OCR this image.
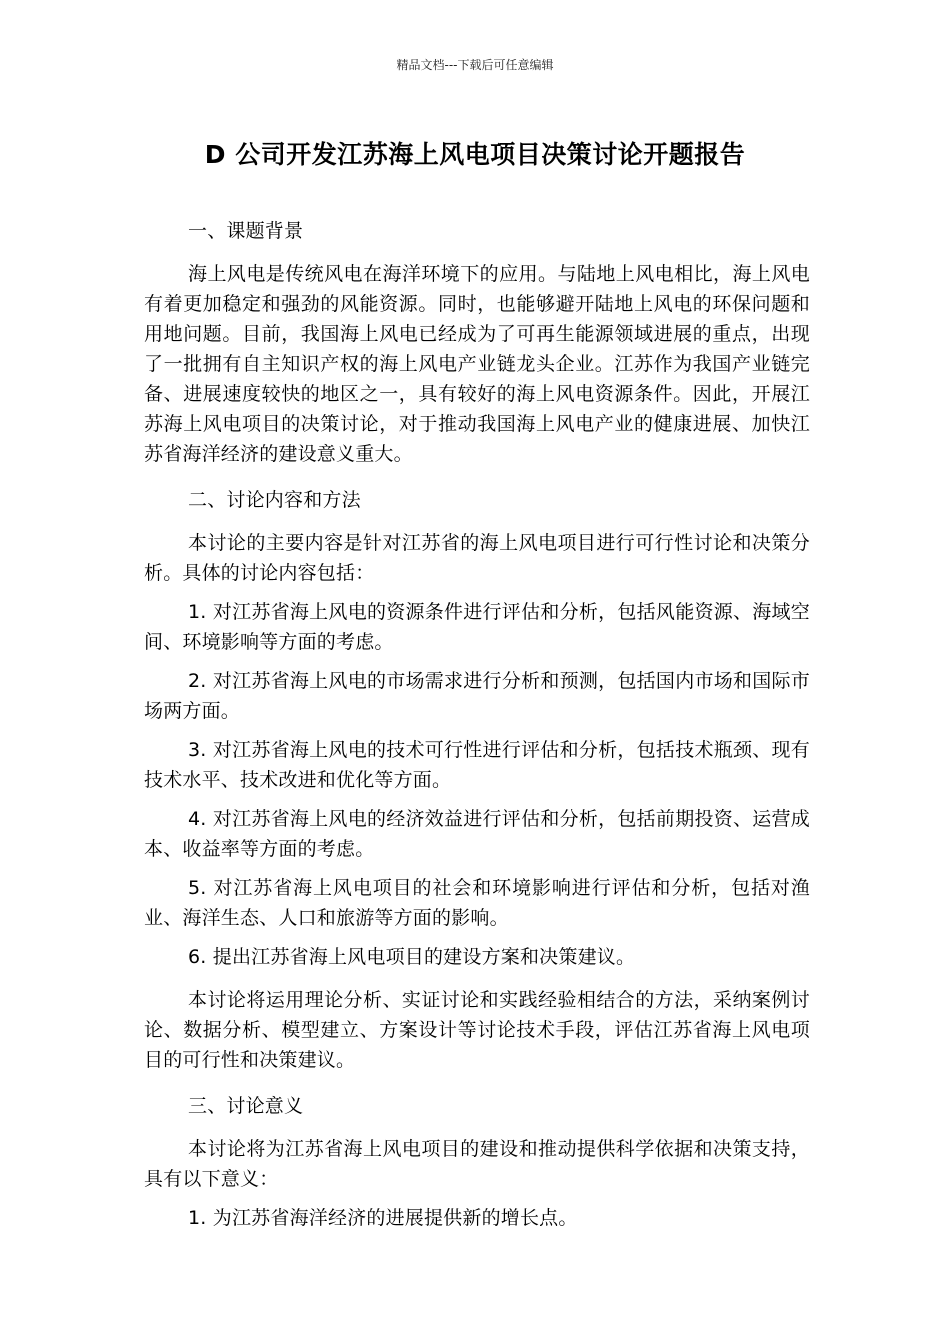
精品文档---下载后可任意编辑
D 公司开发江苏海上风电项目决策讨论开题报告

一、课题背景

海上风电是传统风电在海洋环境下的应用。与陆地上风电相比，海上风电有着更加稳定和强劲的风能资源。同时，也能够避开陆地上风电的环保问题和用地问题。目前，我国海上风电已经成为了可再生能源领域进展的重点，出现了一批拥有自主知识产权的海上风电产业链龙头企业。江苏作为我国产业链完备、进展速度较快的地区之一，具有较好的海上风电资源条件。因此，开展江苏海上风电项目的决策讨论，对于推动我国海上风电产业的健康进展、加快江苏省海洋经济的建设意义重大。

二、讨论内容和方法

本讨论的主要内容是针对江苏省的海上风电项目进行可行性讨论和决策分析。具体的讨论内容包括：

1. 对江苏省海上风电的资源条件进行评估和分析，包括风能资源、海域空间、环境影响等方面的考虑。

2. 对江苏省海上风电的市场需求进行分析和预测，包括国内市场和国际市场两方面。

3. 对江苏省海上风电的技术可行性进行评估和分析，包括技术瓶颈、现有技术水平、技术改进和优化等方面。

4. 对江苏省海上风电的经济效益进行评估和分析，包括前期投资、运营成本、收益率等方面的考虑。

5. 对江苏省海上风电项目的社会和环境影响进行评估和分析，包括对渔业、海洋生态、人口和旅游等方面的影响。

6. 提出江苏省海上风电项目的建设方案和决策建议。

本讨论将运用理论分析、实证讨论和实践经验相结合的方法，采纳案例讨论、数据分析、模型建立、方案设计等讨论技术手段，评估江苏省海上风电项目的可行性和决策建议。

三、讨论意义

本讨论将为江苏省海上风电项目的建设和推动提供科学依据和决策支持，具有以下意义：

1. 为江苏省海洋经济的进展提供新的增长点。
